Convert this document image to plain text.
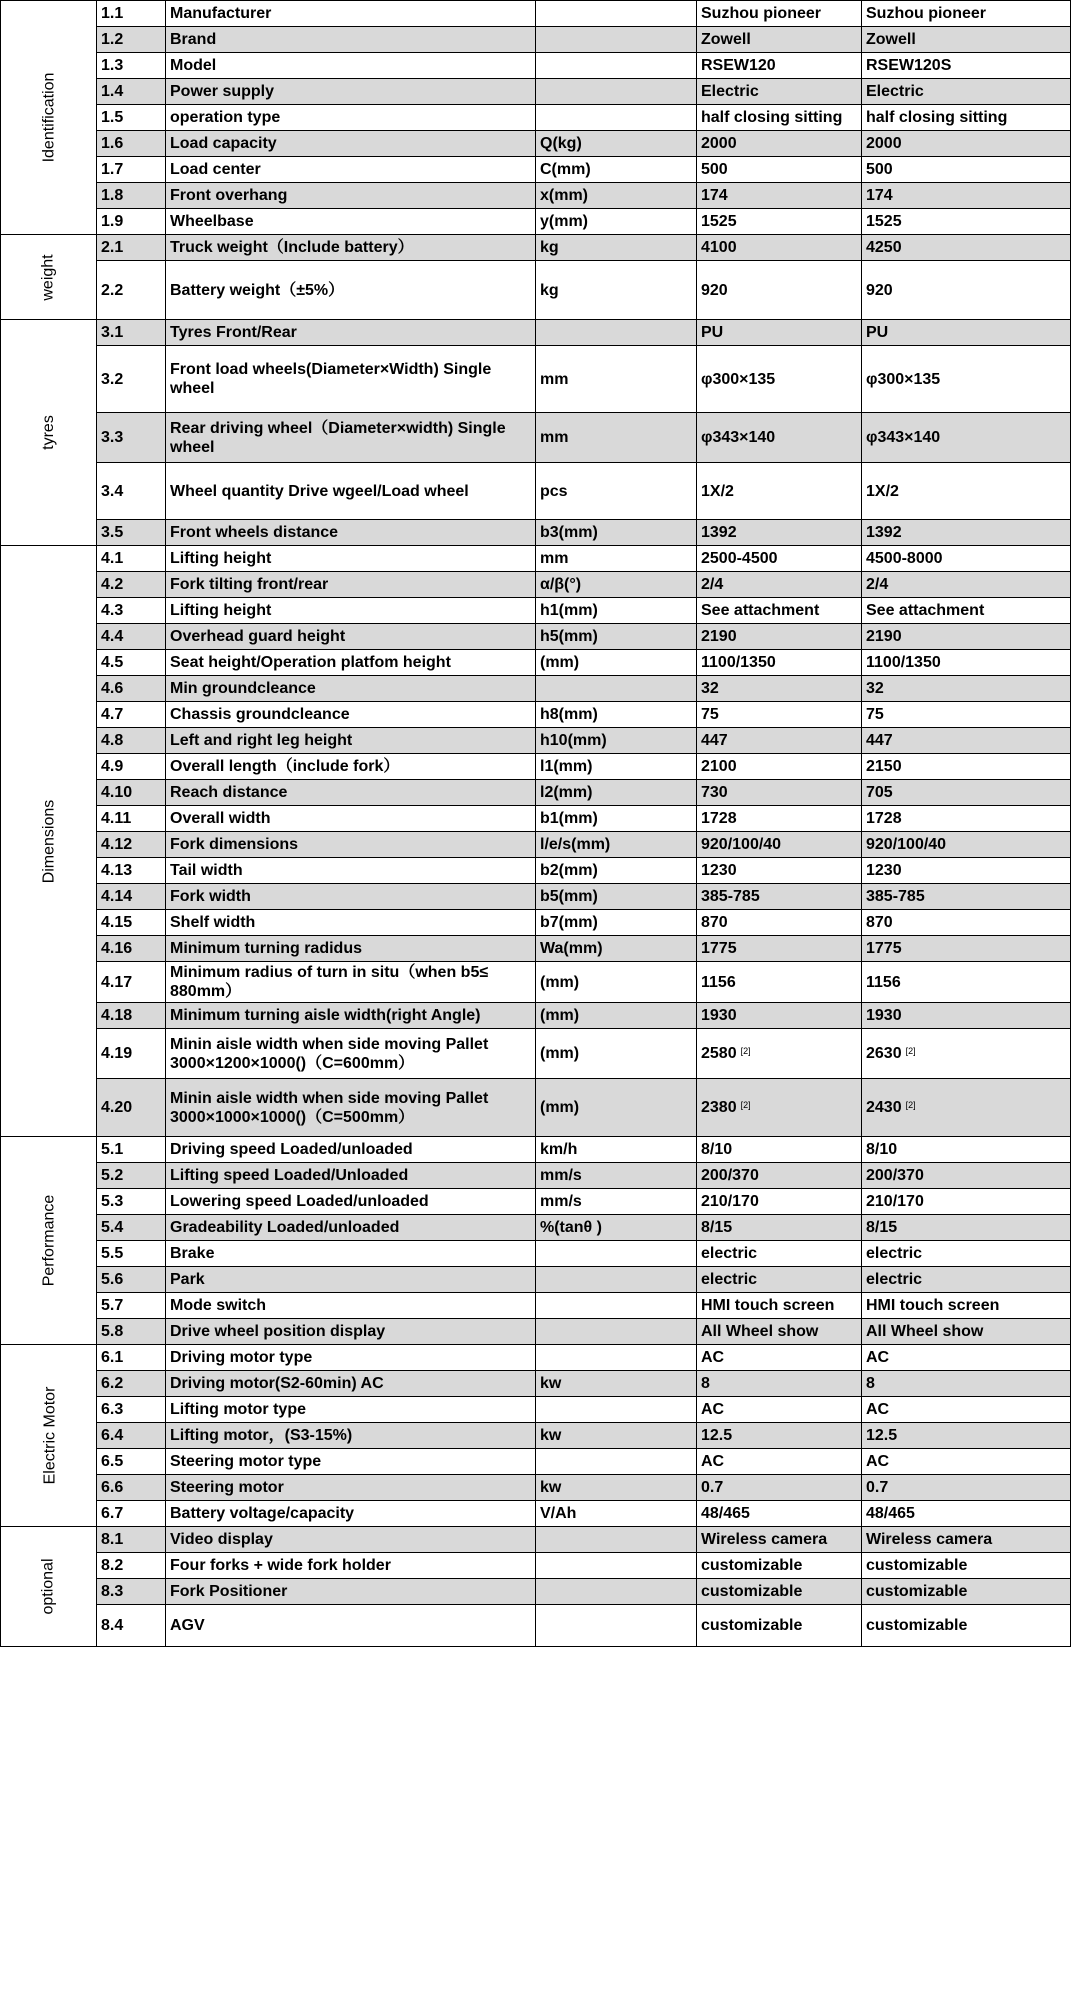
Identification	1.1	Manufacturer		Suzhou pioneer	Suzhou pioneer
	1.2	Brand		Zowell	Zowell
	1.3	Model		RSEW120	RSEW120S
	1.4	Power supply		Electric	Electric
	1.5	operation type		half closing sitting	half closing sitting
	1.6	Load capacity	Q(kg)	2000	2000
	1.7	Load center	C(mm)	500	500
	1.8	Front overhang	x(mm)	174	174
	1.9	Wheelbase	y(mm)	1525	1525
weight	2.1	Truck weight（Include battery）	kg	4100	4250
	2.2	Battery weight（±5%）	kg	920	920
tyres	3.1	Tyres Front/Rear		PU	PU
	3.2	Front load wheels(Diameter×Width) Single wheel	mm	φ300×135	φ300×135
	3.3	Rear driving wheel（Diameter×width) Single wheel	mm	φ343×140	φ343×140
	3.4	Wheel quantity Drive wgeel/Load wheel	pcs	1X/2	1X/2
	3.5	Front wheels distance	b3(mm)	1392	1392
Dimensions	4.1	Lifting height	mm	2500-4500	4500-8000
	4.2	Fork tilting front/rear	α/β(°)	2/4	2/4
	4.3	Lifting height	h1(mm)	See attachment	See attachment
	4.4	Overhead guard height	h5(mm)	2190	2190
	4.5	Seat height/Operation platfom height	(mm)	1100/1350	1100/1350
	4.6	Min groundcleance		32	32
	4.7	Chassis groundcleance	h8(mm)	75	75
	4.8	Left and right leg height	h10(mm)	447	447
	4.9	Overall length（include fork）	l1(mm)	2100	2150
	4.10	Reach distance	l2(mm)	730	705
	4.11	Overall width	b1(mm)	1728	1728
	4.12	Fork dimensions	l/e/s(mm)	920/100/40	920/100/40
	4.13	Tail width	b2(mm)	1230	1230
	4.14	Fork width	b5(mm)	385-785	385-785
	4.15	Shelf width	b7(mm)	870	870
	4.16	Minimum turning radidus	Wa(mm)	1775	1775
	4.17	Minimum radius of turn in situ（when b5≤ 880mm）	(mm)	1156	1156
	4.18	Minimum turning aisle width(right Angle)	(mm)	1930	1930
	4.19	Minin aisle width when side moving Pallet 3000×1200×1000()（C=600mm）	(mm)	2580 [2]	2630 [2]
	4.20	Minin aisle width when side moving Pallet 3000×1000×1000()（C=500mm）	(mm)	2380 [2]	2430 [2]
Performance	5.1	Driving speed Loaded/unloaded	km/h	8/10	8/10
	5.2	Lifting speed Loaded/Unloaded	mm/s	200/370	200/370
	5.3	Lowering speed Loaded/unloaded	mm/s	210/170	210/170
	5.4	Gradeability Loaded/unloaded	%(tanθ )	8/15	8/15
	5.5	Brake		electric	electric
	5.6	Park		electric	electric
	5.7	Mode switch		HMI touch screen	HMI touch screen
	5.8	Drive wheel position display		All Wheel show	All Wheel show
Electric Motor	6.1	Driving motor type		AC	AC
	6.2	Driving motor(S2-60min) AC	kw	8	8
	6.3	Lifting motor type		AC	AC
	6.4	Lifting motor，(S3-15%)	kw	12.5	12.5
	6.5	Steering motor type		AC	AC
	6.6	Steering motor	kw	0.7	0.7
	6.7	Battery voltage/capacity	V/Ah	48/465	48/465
optional	8.1	Video display		Wireless camera	Wireless camera
	8.2	Four forks + wide fork holder		customizable	customizable
	8.3	Fork Positioner		customizable	customizable
	8.4	AGV		customizable	customizable
